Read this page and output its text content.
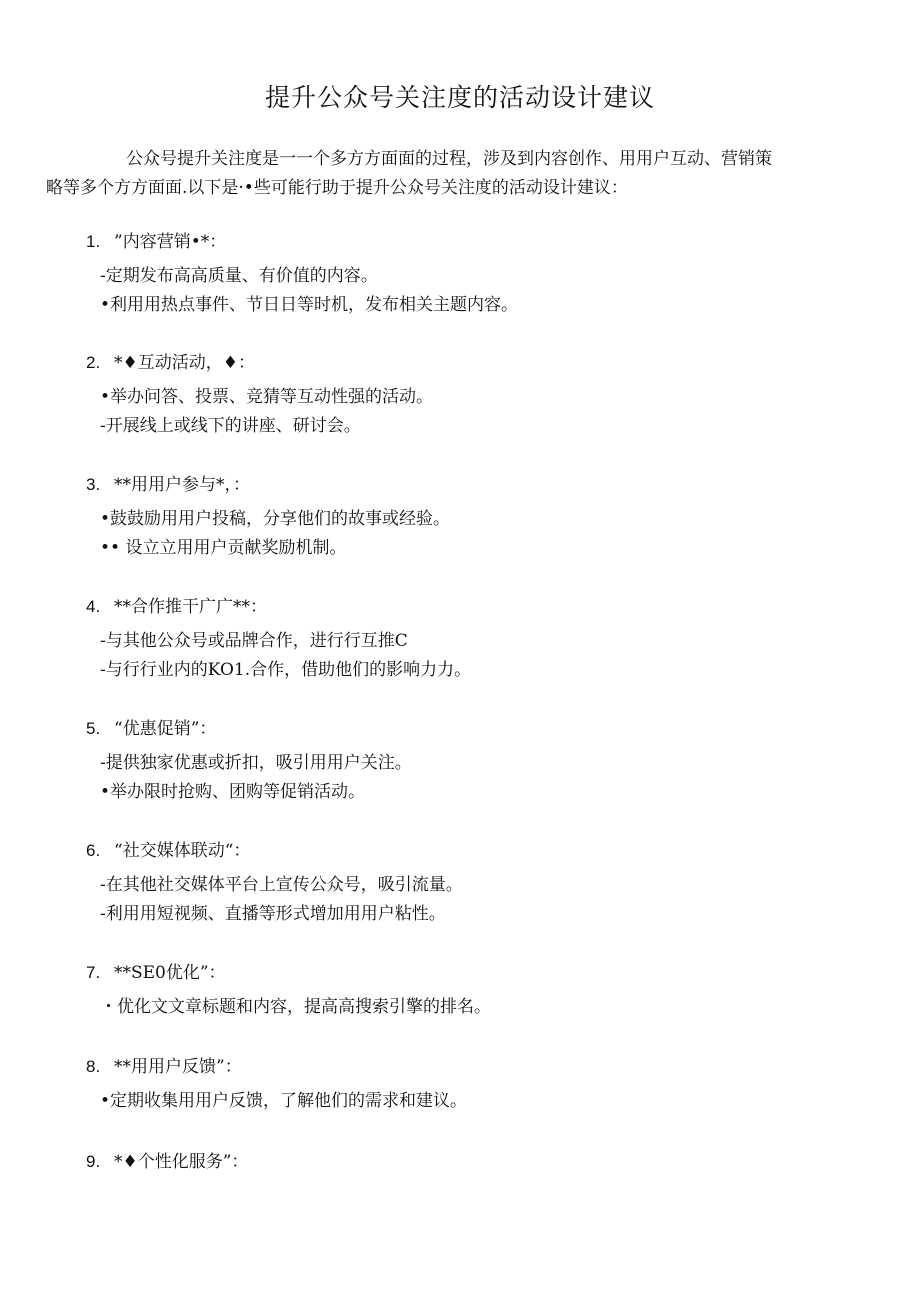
提升公众号关注度的活动设计建议

公众号提升关注度是一一个多方方面面的过程，涉及到内容创作、用用户互动、营销策
略等多个方方面面.以下是·•些可能行助于提升公众号关注度的活动设计建议：

1. ”内容营销•*：

-定期发布高高质量、有价值的内容。

•利用用热点事件、节日日等时机，发布相关主题内容。

2. *♦互动活动，♦：

•举办问答、投票、竞猜等互动性强的活动。

-开展线上或线下的讲座、研讨会。

3. **用用户参与*，：

•鼓鼓励用用户投稿，分享他们的故事或经验。

•• 设立立用用户贡献奖励机制。

4. **合作推干广广**：

-与其他公众号或品牌合作，进行行互推C

-与行行业内的KO1.合作，借助他们的影响力力。

5. “优惠促销”：

-提供独家优惠或折扣，吸引用用户关注。

•举办限时抢购、团购等促销活动。

6. “社交媒体联动“：

-在其他社交媒体平台上宣传公众号，吸引流量。

-利用用短视频、直播等形式增加用用户粘性。

7. **SE0优化”：

・优化文文章标题和内容，提高高搜索引擎的排名。

8. **用用户反馈”：

•定期收集用用户反馈，了解他们的需求和建议。

9. *♦个性化服务”：
